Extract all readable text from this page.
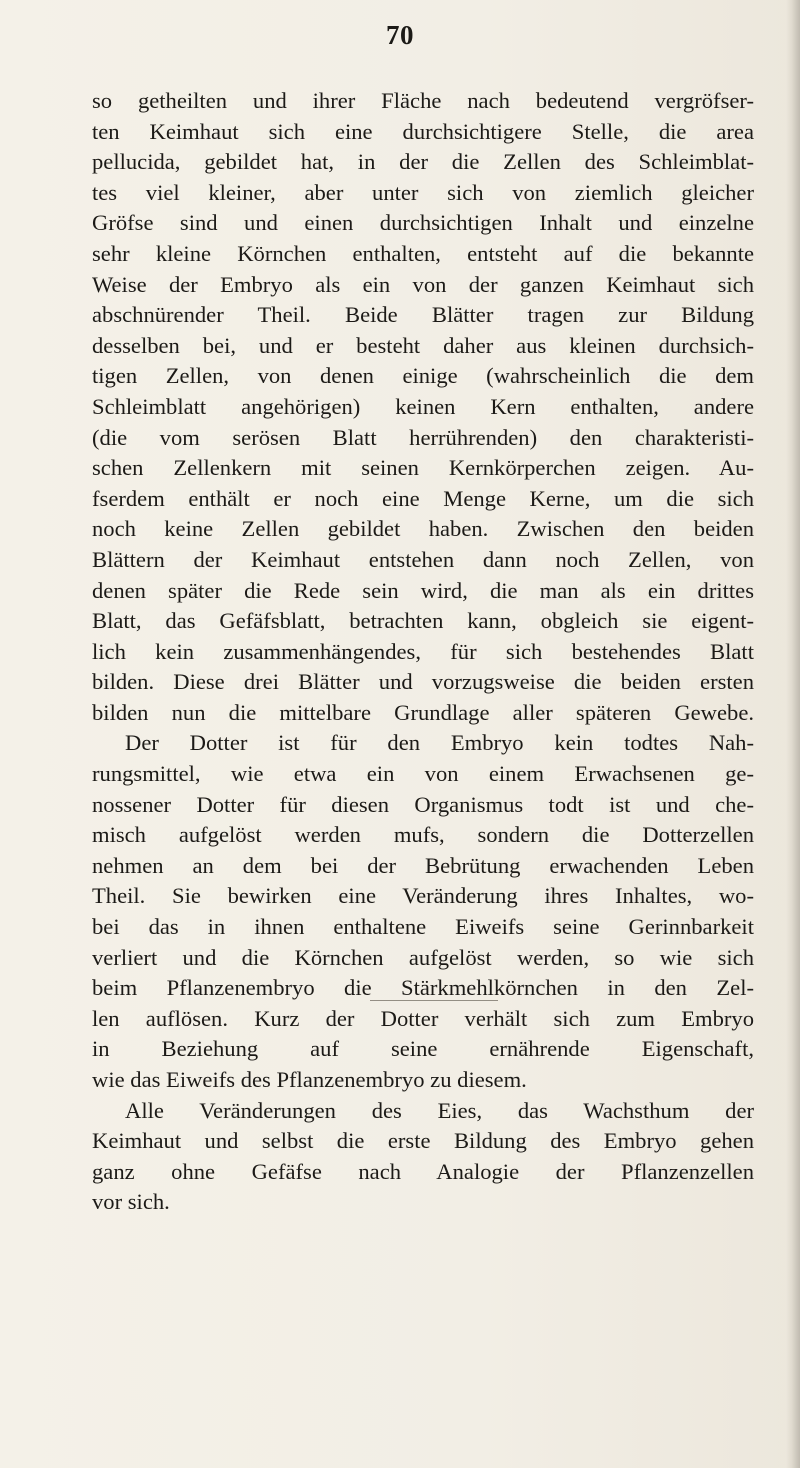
70
so getheilten und ihrer Fläche nach bedeutend vergröfser-
ten Keimhaut sich eine durchsichtigere Stelle, die area
pellucida, gebildet hat, in der die Zellen des Schleimblat-
tes viel kleiner, aber unter sich von ziemlich gleicher
Gröfse sind und einen durchsichtigen Inhalt und einzelne
sehr kleine Körnchen enthalten, entsteht auf die bekannte
Weise der Embryo als ein von der ganzen Keimhaut sich
abschnürender Theil. Beide Blätter tragen zur Bildung
desselben bei, und er besteht daher aus kleinen durchsich-
tigen Zellen, von denen einige (wahrscheinlich die dem
Schleimblatt angehörigen) keinen Kern enthalten, andere
(die vom serösen Blatt herrührenden) den charakteristi-
schen Zellenkern mit seinen Kernkörperchen zeigen. Au-
fserdem enthält er noch eine Menge Kerne, um die sich
noch keine Zellen gebildet haben. Zwischen den beiden
Blättern der Keimhaut entstehen dann noch Zellen, von
denen später die Rede sein wird, die man als ein drittes
Blatt, das Gefäfsblatt, betrachten kann, obgleich sie eigent-
lich kein zusammenhängendes, für sich bestehendes Blatt
bilden. Diese drei Blätter und vorzugsweise die beiden ersten
bilden nun die mittelbare Grundlage aller späteren Gewebe.
Der Dotter ist für den Embryo kein todtes Nah-
rungsmittel, wie etwa ein von einem Erwachsenen ge-
nossener Dotter für diesen Organismus todt ist und che-
misch aufgelöst werden mufs, sondern die Dotterzellen
nehmen an dem bei der Bebrütung erwachenden Leben
Theil. Sie bewirken eine Veränderung ihres Inhaltes, wo-
bei das in ihnen enthaltene Eiweifs seine Gerinnbarkeit
verliert und die Körnchen aufgelöst werden, so wie sich
beim Pflanzenembryo die Stärkmehlkörnchen in den Zel-
len auflösen. Kurz der Dotter verhält sich zum Embryo
in Beziehung auf seine ernährende Eigenschaft,
wie das Eiweifs des Pflanzenembryo zu diesem.
Alle Veränderungen des Eies, das Wachsthum der
Keimhaut und selbst die erste Bildung des Embryo gehen
ganz ohne Gefäfse nach Analogie der Pflanzenzellen
vor sich.
